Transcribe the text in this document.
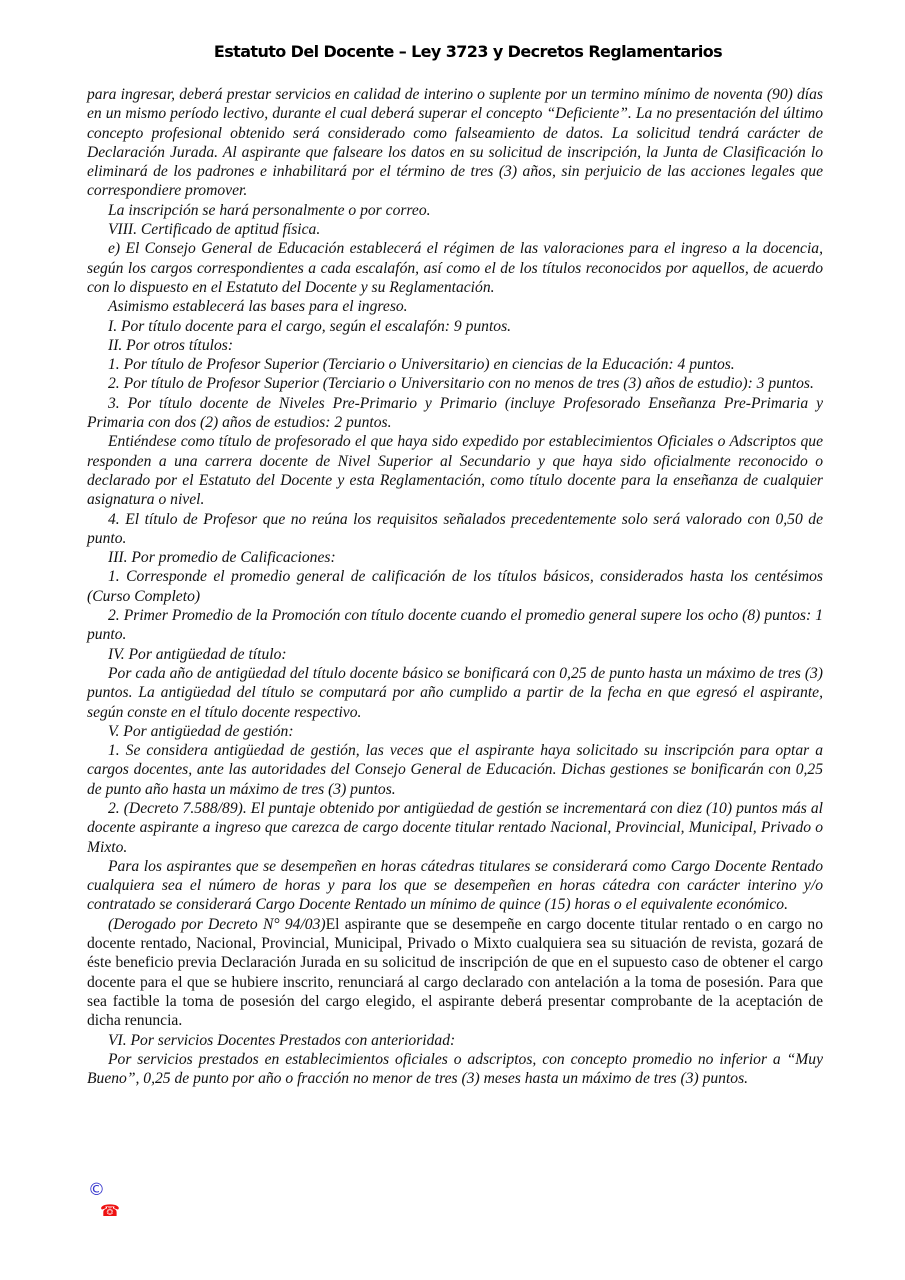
Estatuto Del Docente – Ley 3723 y Decretos Reglamentarios

para ingresar, deberá prestar servicios en calidad de interino o suplente por un termino mínimo de noventa (90) días en un mismo período lectivo, durante el cual deberá superar el concepto “Deficiente”. La no presentación del último concepto profesional obtenido será considerado como falseamiento de datos. La solicitud tendrá carácter de Declaración Jurada. Al aspirante que falseare los datos en su solicitud de inscripción, la Junta de Clasificación lo eliminará de los padrones e inhabilitará por el término de tres (3) años, sin perjuicio de las acciones legales que correspondiere promover.

La inscripción se hará personalmente o por correo.

VIII. Certificado de aptitud física.

e) El Consejo General de Educación establecerá el régimen de las valoraciones para el ingreso a la docencia, según los cargos correspondientes a cada escalafón, así como el de los títulos reconocidos por aquellos, de acuerdo con lo dispuesto en el Estatuto del Docente y su Reglamentación.

Asimismo establecerá las bases para el ingreso.

I. Por título docente para el cargo, según el escalafón: 9 puntos.

II. Por otros títulos:

1. Por título de Profesor Superior (Terciario o Universitario) en ciencias de la Educación: 4 puntos.

2. Por título de Profesor Superior (Terciario o Universitario con no menos de tres (3) años de estudio): 3 puntos.

3. Por título docente de Niveles Pre-Primario y Primario (incluye Profesorado Enseñanza Pre-Primaria y Primaria con dos (2) años de estudios: 2 puntos.

Entiéndese como título de profesorado el que haya sido expedido por establecimientos Oficiales o Adscriptos que responden a una carrera docente de Nivel Superior al Secundario y que haya sido oficialmente reconocido o declarado por el Estatuto del Docente y esta Reglamentación, como título docente para la enseñanza de cualquier asignatura o nivel.

4. El título de Profesor que no reúna los requisitos señalados precedentemente solo será valorado con 0,50 de punto.

III. Por promedio de Calificaciones:

1. Corresponde el promedio general de calificación de los títulos básicos, considerados hasta los centésimos (Curso Completo)

2. Primer Promedio de la Promoción con título docente cuando el promedio general supere los ocho (8) puntos: 1 punto.

IV. Por antigüedad de título:

Por cada año de antigüedad del título docente básico se bonificará con 0,25 de punto hasta un máximo de tres (3) puntos. La antigüedad del título se computará por año cumplido a partir de la fecha en que egresó el aspirante, según conste en el título docente respectivo.

V. Por antigüedad de gestión:

1. Se considera antigüedad de gestión, las veces que el aspirante haya solicitado su inscripción para optar a cargos docentes, ante las autoridades del Consejo General de Educación. Dichas gestiones se bonificarán con 0,25 de punto año hasta un máximo de tres (3) puntos.

2. (Decreto 7.588/89). El puntaje obtenido por antigüedad de gestión se incrementará con diez (10) puntos más al docente aspirante a ingreso que carezca de cargo docente titular rentado Nacional, Provincial, Municipal, Privado o Mixto.

Para los aspirantes que se desempeñen en horas cátedras titulares se considerará como Cargo Docente Rentado cualquiera sea el número de horas y para los que se desempeñen en horas cátedra con carácter interino y/o contratado se considerará Cargo Docente Rentado un mínimo de quince (15) horas o el equivalente económico.

(Derogado por Decreto N° 94/03)El aspirante que se desempeñe en cargo docente titular rentado o en cargo no docente rentado, Nacional, Provincial, Municipal, Privado o Mixto cualquiera sea su situación de revista, gozará de éste beneficio previa Declaración Jurada en su solicitud de inscripción de que en el supuesto caso de obtener el cargo docente para el que se hubiere inscrito, renunciará al cargo declarado con antelación a la toma de posesión. Para que sea factible la toma de posesión del cargo elegido, el aspirante deberá presentar comprobante de la aceptación de dicha renuncia.

VI. Por servicios Docentes Prestados con anterioridad:

Por servicios prestados en establecimientos oficiales o adscriptos, con concepto promedio no inferior a “Muy Bueno”, 0,25 de punto por año o fracción no menor de tres (3) meses hasta un máximo de tres (3) puntos.

©
☎
